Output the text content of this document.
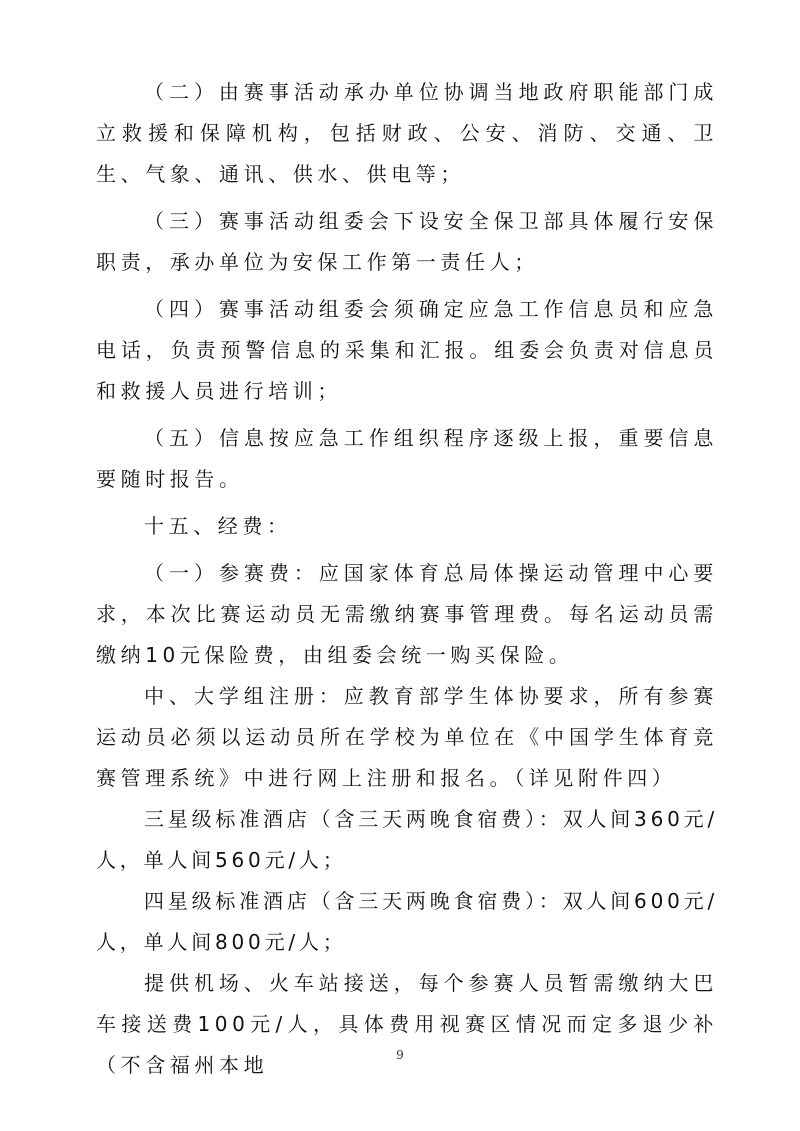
（二）由赛事活动承办单位协调当地政府职能部门成立救援和保障机构，包括财政、公安、消防、交通、卫生、气象、通讯、供水、供电等；

（三）赛事活动组委会下设安全保卫部具体履行安保职责，承办单位为安保工作第一责任人；

（四）赛事活动组委会须确定应急工作信息员和应急电话，负责预警信息的采集和汇报。组委会负责对信息员和救援人员进行培训；

（五）信息按应急工作组织程序逐级上报，重要信息要随时报告。

十五、经费：

（一）参赛费：应国家体育总局体操运动管理中心要求，本次比赛运动员无需缴纳赛事管理费。每名运动员需缴纳10元保险费，由组委会统一购买保险。

中、大学组注册：应教育部学生体协要求，所有参赛运动员必须以运动员所在学校为单位在《中国学生体育竞赛管理系统》中进行网上注册和报名。（详见附件四）

三星级标准酒店（含三天两晚食宿费）：双人间360元/人，单人间560元/人；

四星级标准酒店（含三天两晚食宿费）：双人间600元/人，单人间800元/人；

提供机场、火车站接送，每个参赛人员暂需缴纳大巴车接送费100元/人，具体费用视赛区情况而定多退少补（不含福州本地	9
